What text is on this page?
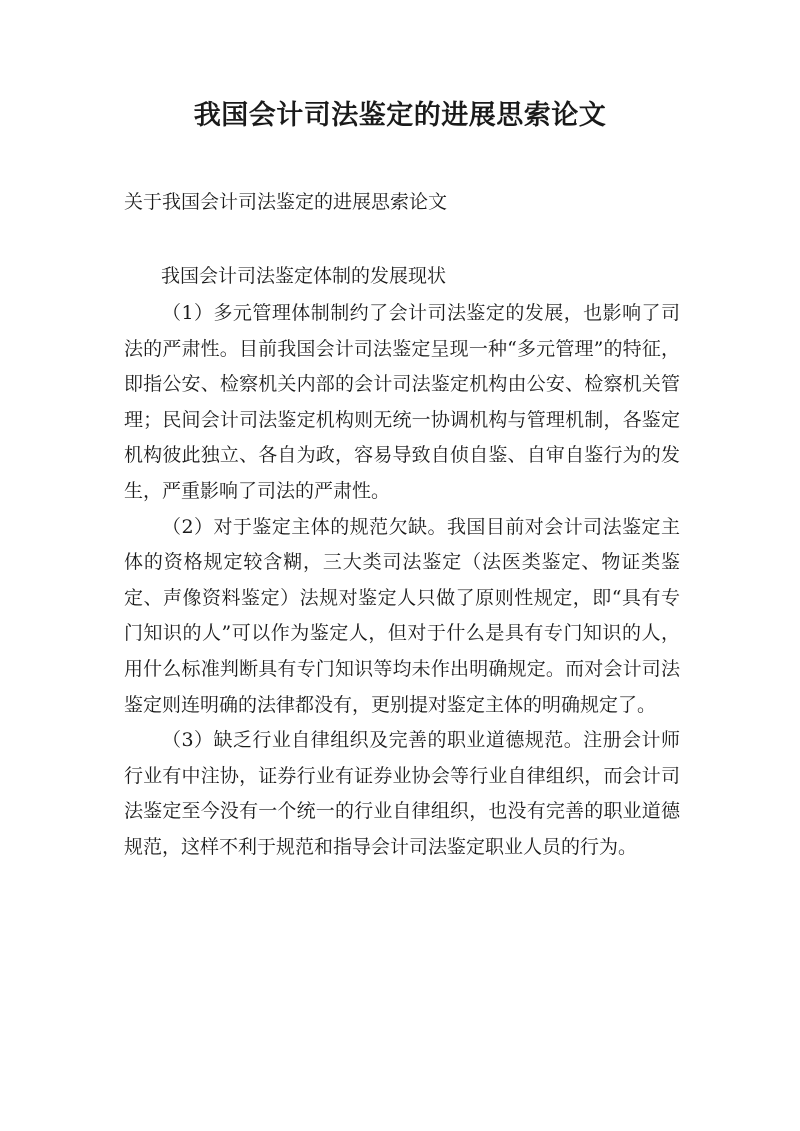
我国会计司法鉴定的进展思索论文

关于我国会计司法鉴定的进展思索论文

我国会计司法鉴定体制的发展现状

（1）多元管理体制制约了会计司法鉴定的发展，也影响了司法的严肃性。目前我国会计司法鉴定呈现一种“多元管理”的特征，即指公安、检察机关内部的会计司法鉴定机构由公安、检察机关管理；民间会计司法鉴定机构则无统一协调机构与管理机制，各鉴定机构彼此独立、各自为政，容易导致自侦自鉴、自审自鉴行为的发生，严重影响了司法的严肃性。

（2）对于鉴定主体的规范欠缺。我国目前对会计司法鉴定主体的资格规定较含糊，三大类司法鉴定（法医类鉴定、物证类鉴定、声像资料鉴定）法规对鉴定人只做了原则性规定，即“具有专门知识的人”可以作为鉴定人，但对于什么是具有专门知识的人，用什么标准判断具有专门知识等均未作出明确规定。而对会计司法鉴定则连明确的法律都没有，更别提对鉴定主体的明确规定了。

（3）缺乏行业自律组织及完善的职业道德规范。注册会计师行业有中注协，证券行业有证券业协会等行业自律组织，而会计司法鉴定至今没有一个统一的行业自律组织，也没有完善的职业道德规范，这样不利于规范和指导会计司法鉴定职业人员的行为。
